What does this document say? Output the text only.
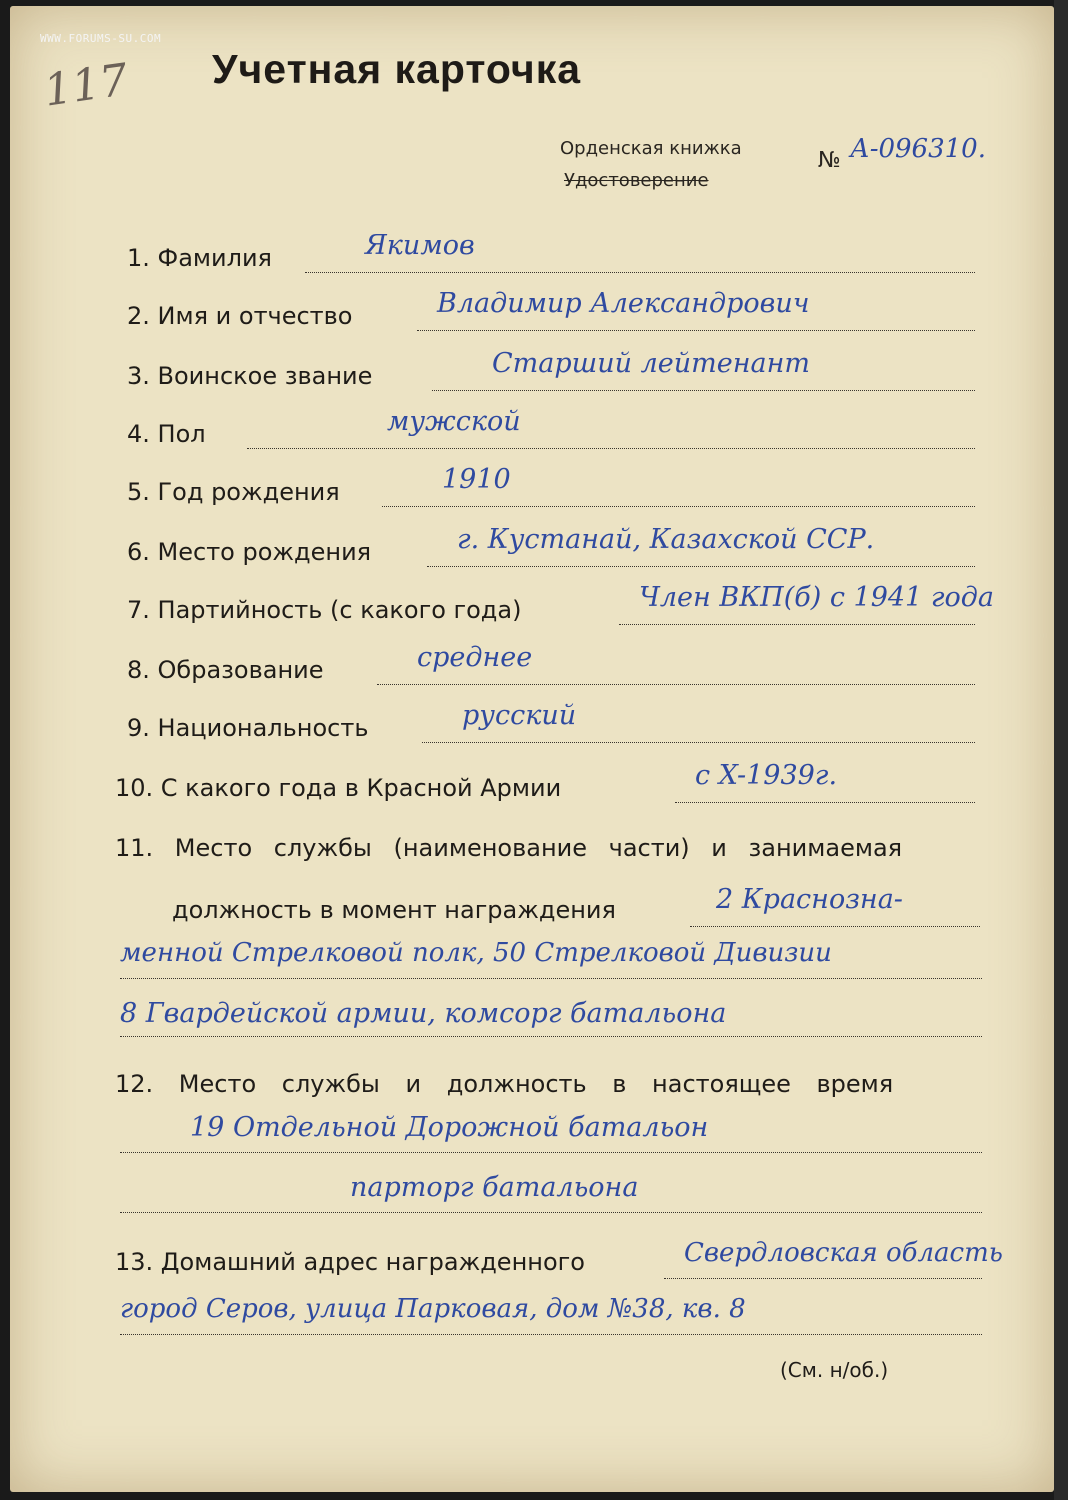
WWW.FORUMS-SU.COM
117 Учетная карточка
Орденская книжка
Удостоверение
№ А-096310.
1. Фамилия	Якимов
2. Имя и отчество	Владимир Александрович
3. Воинское звание	Старший лейтенант
4. Пол	мужской
5. Год рождения	1910
6. Место рождения	г. Кустанай, Казахской ССР.
7. Партийность (с какого года)	Член ВКП(б) с 1941 года
8. Образование	среднее
9. Национальность	русский
10. С какого года в Красной Армии	с X-1939г.
11. Место службы (наименование части) и занимаемая
должность в момент награждения	2 Краснозна-
менной Стрелковой полк, 50 Стрелковой Дивизии
8 Гвардейской армии, комсорг батальона
12. Место службы и должность в настоящее время
19 Отдельной Дорожной батальон
парторг батальона
13. Домашний адрес награжденного	Свердловская область
город Серов, улица Парковая, дом №38, кв. 8
(См. н/об.)
